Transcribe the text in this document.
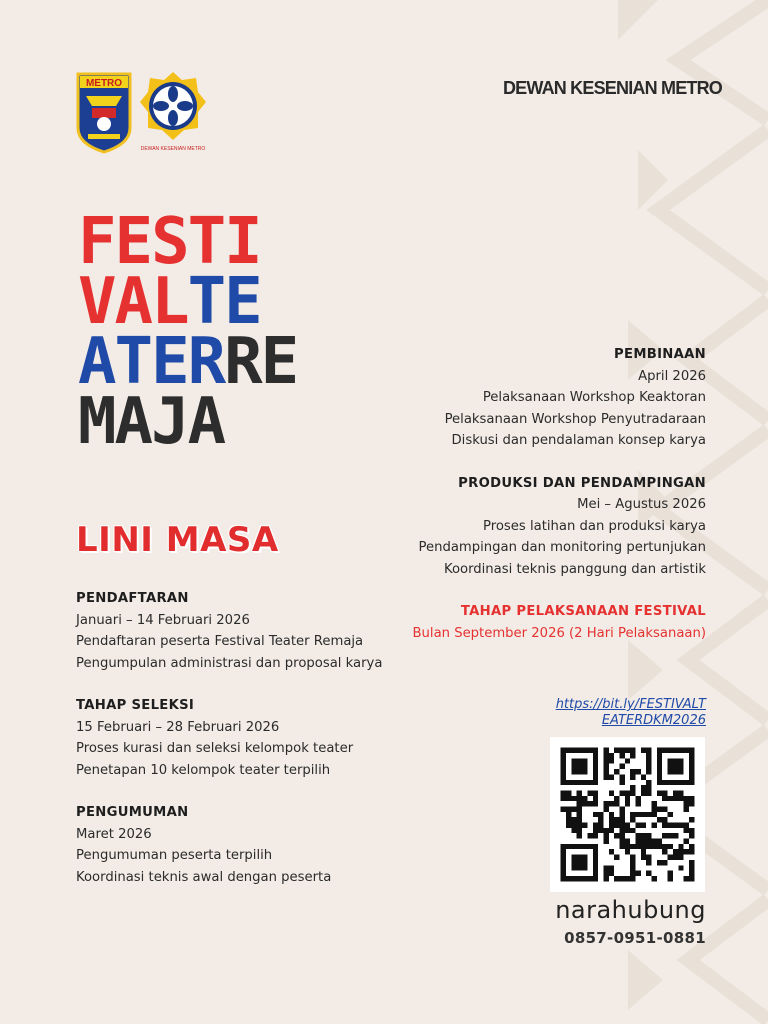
DEWAN KESENIAN METRO
METRO
DEWAN KESENIAN METRO
FESTI
VALTE
ATERRE
MAJA
LINI MASA
PENDAFTARAN
Januari – 14 Februari 2026
Pendaftaran peserta Festival Teater Remaja
Pengumpulan administrasi dan proposal karya
TAHAP SELEKSI
15 Februari – 28 Februari 2026
Proses kurasi dan seleksi kelompok teater
Penetapan 10 kelompok teater terpilih
PENGUMUMAN
Maret 2026
Pengumuman peserta terpilih
Koordinasi teknis awal dengan peserta
PEMBINAAN
April 2026
Pelaksanaan Workshop Keaktoran
Pelaksanaan Workshop Penyutradaraan
Diskusi dan pendalaman konsep karya
PRODUKSI DAN PENDAMPINGAN
Mei – Agustus 2026
Proses latihan dan produksi karya
Pendampingan dan monitoring pertunjukan
Koordinasi teknis panggung dan artistik
TAHAP PELAKSANAAN FESTIVAL
Bulan September 2026 (2 Hari Pelaksanaan)
https://bit.ly/FESTIVALT
EATERDKM2026
narahubung
0857-0951-0881
